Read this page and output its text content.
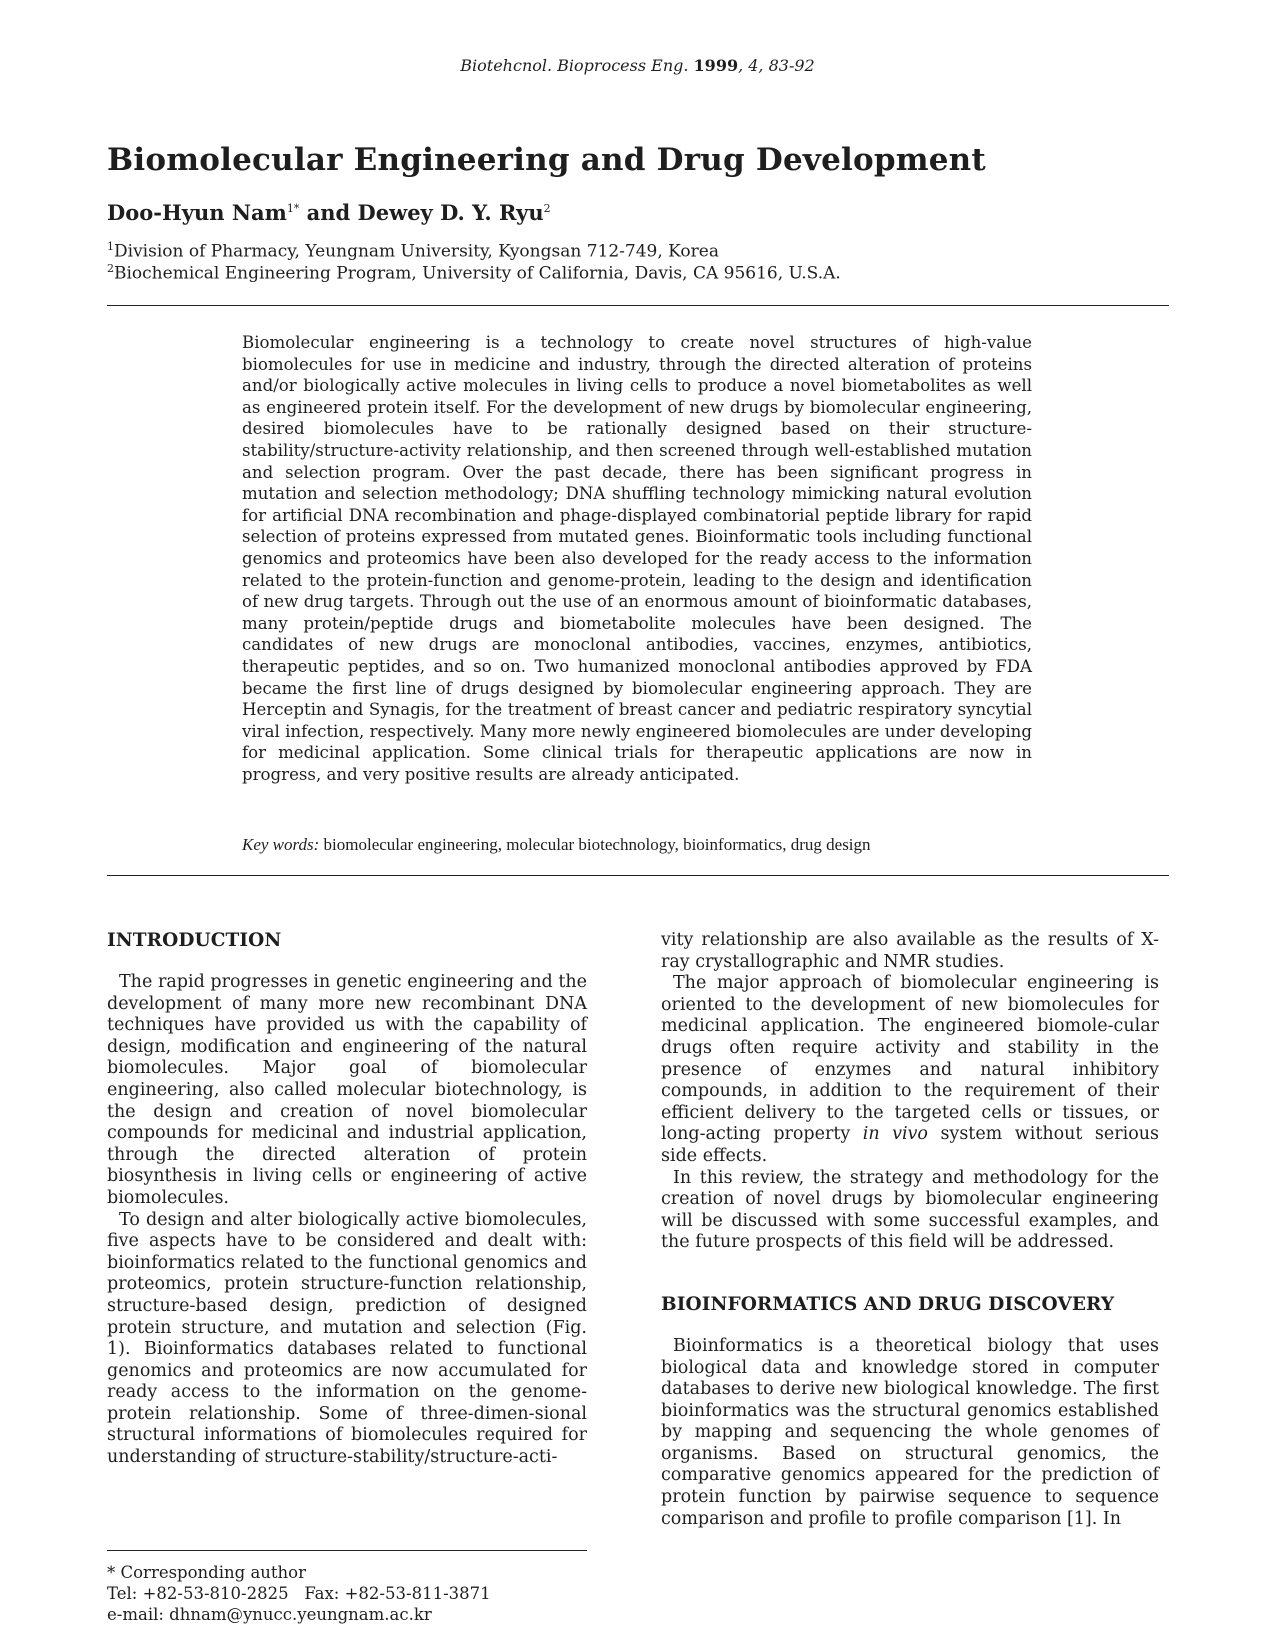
Biotehcnol. Bioprocess Eng. 1999, 4, 83-92
Biomolecular Engineering and Drug Development

Doo-Hyun Nam$^{1*}$ and Dewey D. Y. Ryu$^2$

$^1$Division of Pharmacy, Yeungnam University, Kyongsan 712-749, Korea

$^2$Biochemical Engineering Program, University of California, Davis, CA 95616, U.S.A.

Biomolecular engineering is a technology to create novel structures of high-value biomolecules for use in medicine and industry, through the directed alteration of proteins and/or biologically active molecules in living cells to produce a novel biometabolites as well as engineered protein itself. For the development of new drugs by biomolecular engineering, desired biomolecules have to be rationally designed based on their structure-stability/structure-activity relationship, and then screened through well-established mutation and selection program. Over the past decade, there has been significant progress in mutation and selection methodology; DNA shuffling technology mimicking natural evolution for artificial DNA recombination and phage-displayed combinatorial peptide library for rapid selection of proteins expressed from mutated genes. Bioinformatic tools including functional genomics and proteomics have been also developed for the ready access to the information related to the protein-function and genome-protein, leading to the design and identification of new drug targets. Through out the use of an enormous amount of bioinformatic databases, many protein/peptide drugs and biometabolite molecules have been designed. The candidates of new drugs are monoclonal antibodies, vaccines, enzymes, antibiotics, therapeutic peptides, and so on. Two humanized monoclonal antibodies approved by FDA became the first line of drugs designed by biomolecular engineering approach. They are Herceptin and Synagis, for the treatment of breast cancer and pediatric respiratory syncytial viral infection, respectively. Many more newly engineered biomolecules are under developing for medicinal application. Some clinical trials for therapeutic applications are now in progress, and very positive results are already anticipated.

Key words: biomolecular engineering, molecular biotechnology, bioinformatics, drug design

INTRODUCTION

The rapid progresses in genetic engineering and the development of many more new recombinant DNA techniques have provided us with the capability of design, modification and engineering of the natural biomolecules. Major goal of biomolecular engineering, also called molecular biotechnology, is the design and creation of novel biomolecular compounds for medicinal and industrial application, through the directed alteration of protein biosynthesis in living cells or engineering of active biomolecules.

To design and alter biologically active biomolecules, five aspects have to be considered and dealt with: bioinformatics related to the functional genomics and proteomics, protein structure-function relationship, structure-based design, prediction of designed protein structure, and mutation and selection (Fig. 1). Bioinformatics databases related to functional genomics and proteomics are now accumulated for ready access to the information on the genome-protein relationship. Some of three-dimen-sional structural informations of biomolecules required for understanding of structure-stability/structure-acti-

vity relationship are also available as the results of X-ray crystallographic and NMR studies.

The major approach of biomolecular engineering is oriented to the development of new biomolecules for medicinal application. The engineered biomole-cular drugs often require activity and stability in the presence of enzymes and natural inhibitory compounds, in addition to the requirement of their efficient delivery to the targeted cells or tissues, or long-acting property in vivo system without serious side effects.

In this review, the strategy and methodology for the creation of novel drugs by biomolecular engineering will be discussed with some successful examples, and the future prospects of this field will be addressed.

BIOINFORMATICS AND DRUG DISCOVERY

Bioinformatics is a theoretical biology that uses biological data and knowledge stored in computer databases to derive new biological knowledge. The first bioinformatics was the structural genomics established by mapping and sequencing the whole genomes of organisms. Based on structural genomics, the comparative genomics appeared for the prediction of protein function by pairwise sequence to sequence comparison and profile to profile comparison [1]. In

* Corresponding author
Tel: +82-53-810-2825   Fax: +82-53-811-3871
e-mail: dhnam@ynucc.yeungnam.ac.kr
